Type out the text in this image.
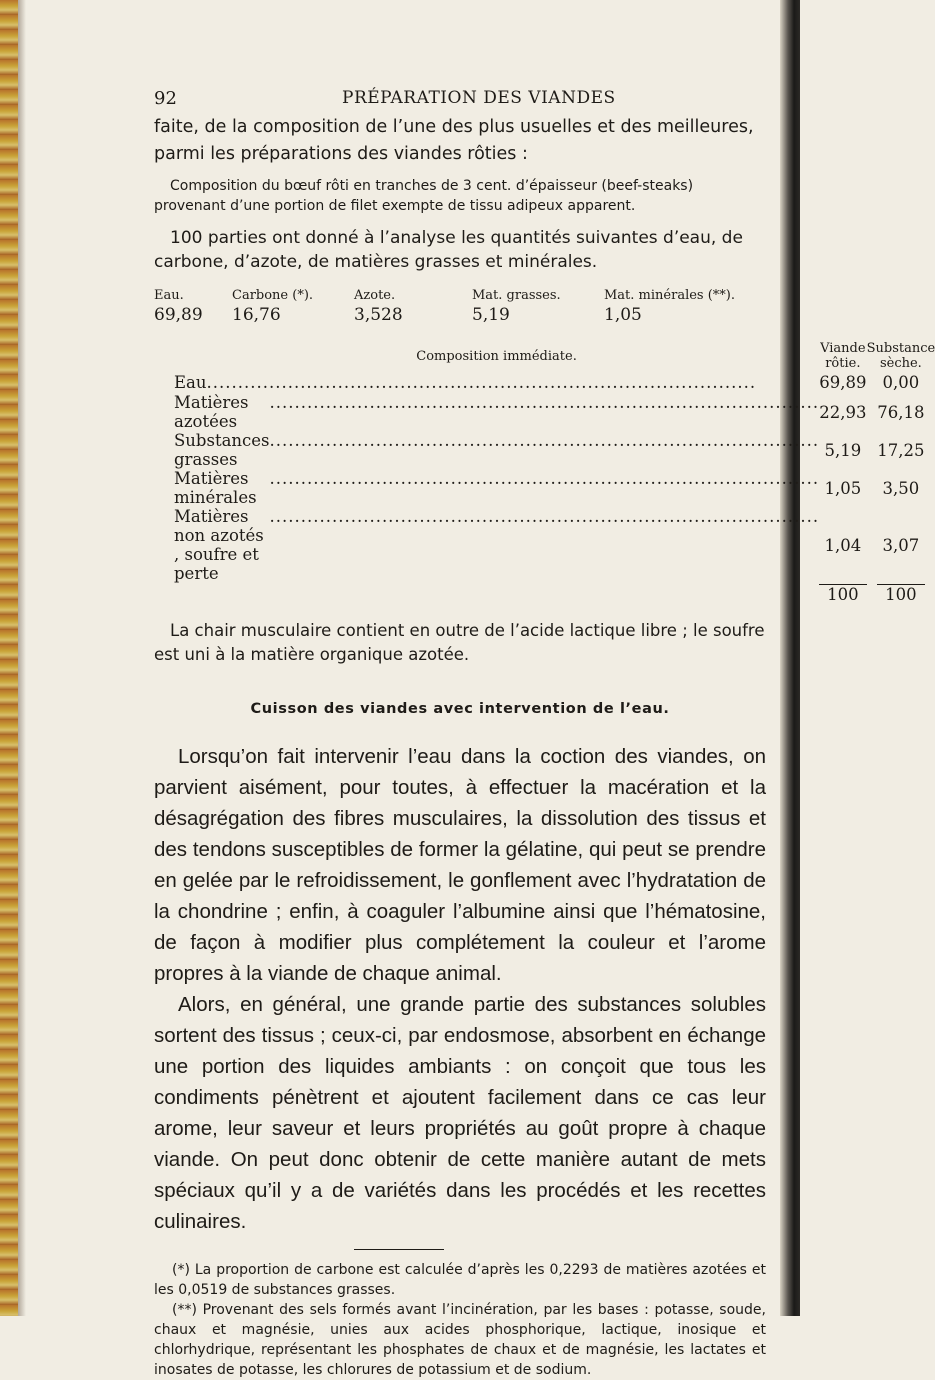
92	PRÉPARATION DES VIANDES

faite, de la composition de l’une des plus usuelles et des meilleures, parmi les préparations des viandes rôties :

Composition du bœuf rôti en tranches de 3 cent. d’épaisseur (beef-steaks) provenant d’une portion de filet exempte de tissu adipeux apparent.

100 parties ont donné à l’analyse les quantités suivantes d’eau, de carbone, d’azote, de matières grasses et minérales.

Eau.	Carbone (*).	Azote.	Mat. grasses.	Mat. minérales (**).
69,89	16,76	3,528	5,19	1,05
Composition immédiate.	Viande rôtie.	Substance sèche.

Eau
.....	69,89	0,00

Matières azotées
.....	22,93	76,18

Substances grasses
.....	5,19	17,25

Matières minérales
.....	1,05	3,50

Matières non azotés , soufre et perte
.....	1,04	3,07
	100	100

La chair musculaire contient en outre de l’acide lactique libre ; le soufre est uni à la matière organique azotée.

Cuisson des viandes avec intervention de l’eau.

Lorsqu’on fait intervenir l’eau dans la coction des viandes, on parvient aisément, pour toutes, à effectuer la macération et la désagrégation des fibres musculaires, la dissolution des tissus et des tendons susceptibles de former la gélatine, qui peut se prendre en gelée par le refroidissement, le gonflement avec l’hydratation de la chondrine ; enfin, à coaguler l’albumine ainsi que l’hématosine, de façon à modifier plus complétement la couleur et l’arome propres à la viande de chaque animal.

Alors, en général, une grande partie des substances solubles sortent des tissus ; ceux-ci, par endosmose, absorbent en échange une portion des liquides ambiants : on conçoit que tous les condiments pénètrent et ajoutent facilement dans ce cas leur arome, leur saveur et leurs propriétés au goût propre à chaque viande. On peut donc obtenir de cette manière autant de mets spéciaux qu’il y a de variétés dans les procédés et les recettes culinaires.

(*) La proportion de carbone est calculée d’après les 0,2293 de matières azotées et les 0,0519 de substances grasses.

(**) Provenant des sels formés avant l’incinération, par les bases : potasse, soude, chaux et magnésie, unies aux acides phosphorique, lactique, inosique et chlorhydrique, représentant les phosphates de chaux et de magnésie, les lactates et inosates de potasse, les chlorures de potassium et de sodium.
